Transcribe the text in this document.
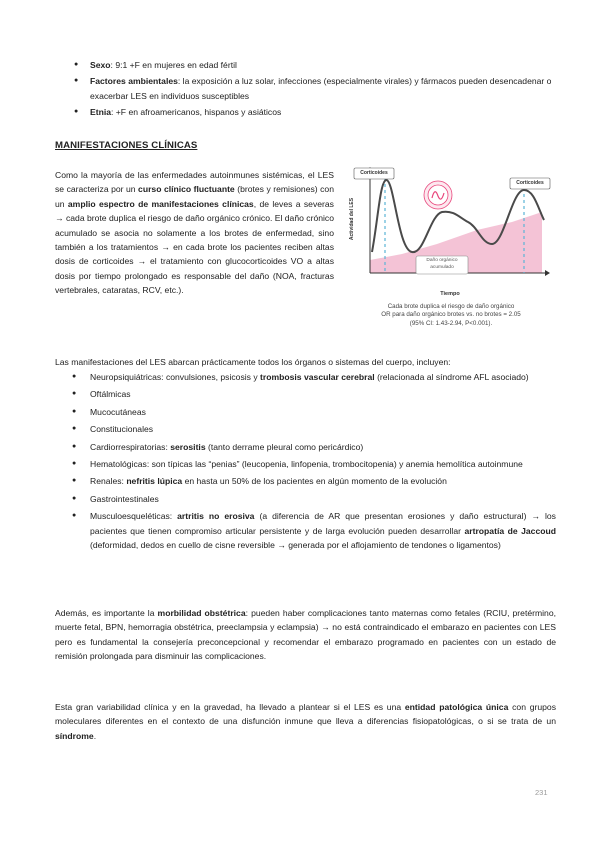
● Sexo: 9:1 +F en mujeres en edad fértil
● Factores ambientales: la exposición a luz solar, infecciones (especialmente virales) y fármacos pueden desencadenar o exacerbar LES en individuos susceptibles
● Etnia: +F en afroamericanos, hispanos y asiáticos
MANIFESTACIONES CLÍNICAS
Como la mayoría de las enfermedades autoinmunes sistémicas, el LES se caracteriza por un curso clínico fluctuante (brotes y remisiones) con un amplio espectro de manifestaciones clínicas, de leves a severas → cada brote duplica el riesgo de daño orgánico crónico. El daño crónico acumulado se asocia no solamente a los brotes de enfermedad, sino también a los tratamientos → en cada brote los pacientes reciben altas dosis de corticoides → el tratamiento con glucocorticoides VO a altas dosis por tiempo prolongado es responsable del daño (NOA, fracturas vertebrales, cataratas, RCV, etc.).
Corticoides
Corticoides
Daño orgánico acumulado
Actividad del LES
Tiempo
Cada brote duplica el riesgo de daño orgánico
OR para daño orgánico brotes vs. no brotes = 2.05
(95% CI: 1.43-2.94, P<0.001).
Las manifestaciones del LES abarcan prácticamente todos los órganos o sistemas del cuerpo, incluyen:
● Neuropsiquiátricas: convulsiones, psicosis y trombosis vascular cerebral (relacionada al síndrome AFL asociado)
● Oftálmicas
● Mucocutáneas
● Constitucionales
● Cardiorrespiratorias: serositis (tanto derrame pleural como pericárdico)
● Hematológicas: son típicas las “penias” (leucopenia, linfopenia, trombocitopenia) y anemia hemolítica autoinmune
● Renales: nefritis lúpica en hasta un 50% de los pacientes en algún momento de la evolución
● Gastrointestinales
● Musculoesqueléticas: artritis no erosiva (a diferencia de AR que presentan erosiones y daño estructural) → los pacientes que tienen compromiso articular persistente y de larga evolución pueden desarrollar artropatía de Jaccoud (deformidad, dedos en cuello de cisne reversible → generada por el aflojamiento de tendones o ligamentos)
Además, es importante la morbilidad obstétrica: pueden haber complicaciones tanto maternas como fetales (RCIU, pretérmino, muerte fetal, BPN, hemorragia obstétrica, preeclampsia y eclampsia) → no está contraindicado el embarazo en pacientes con LES pero es fundamental la consejería preconcepcional y recomendar el embarazo programado en pacientes con un estado de remisión prolongada para disminuir las complicaciones.
Esta gran variabilidad clínica y en la gravedad, ha llevado a plantear si el LES es una entidad patológica única con grupos moleculares diferentes en el contexto de una disfunción inmune que lleva a diferencias fisiopatológicas, o si se trata de un síndrome.
231
